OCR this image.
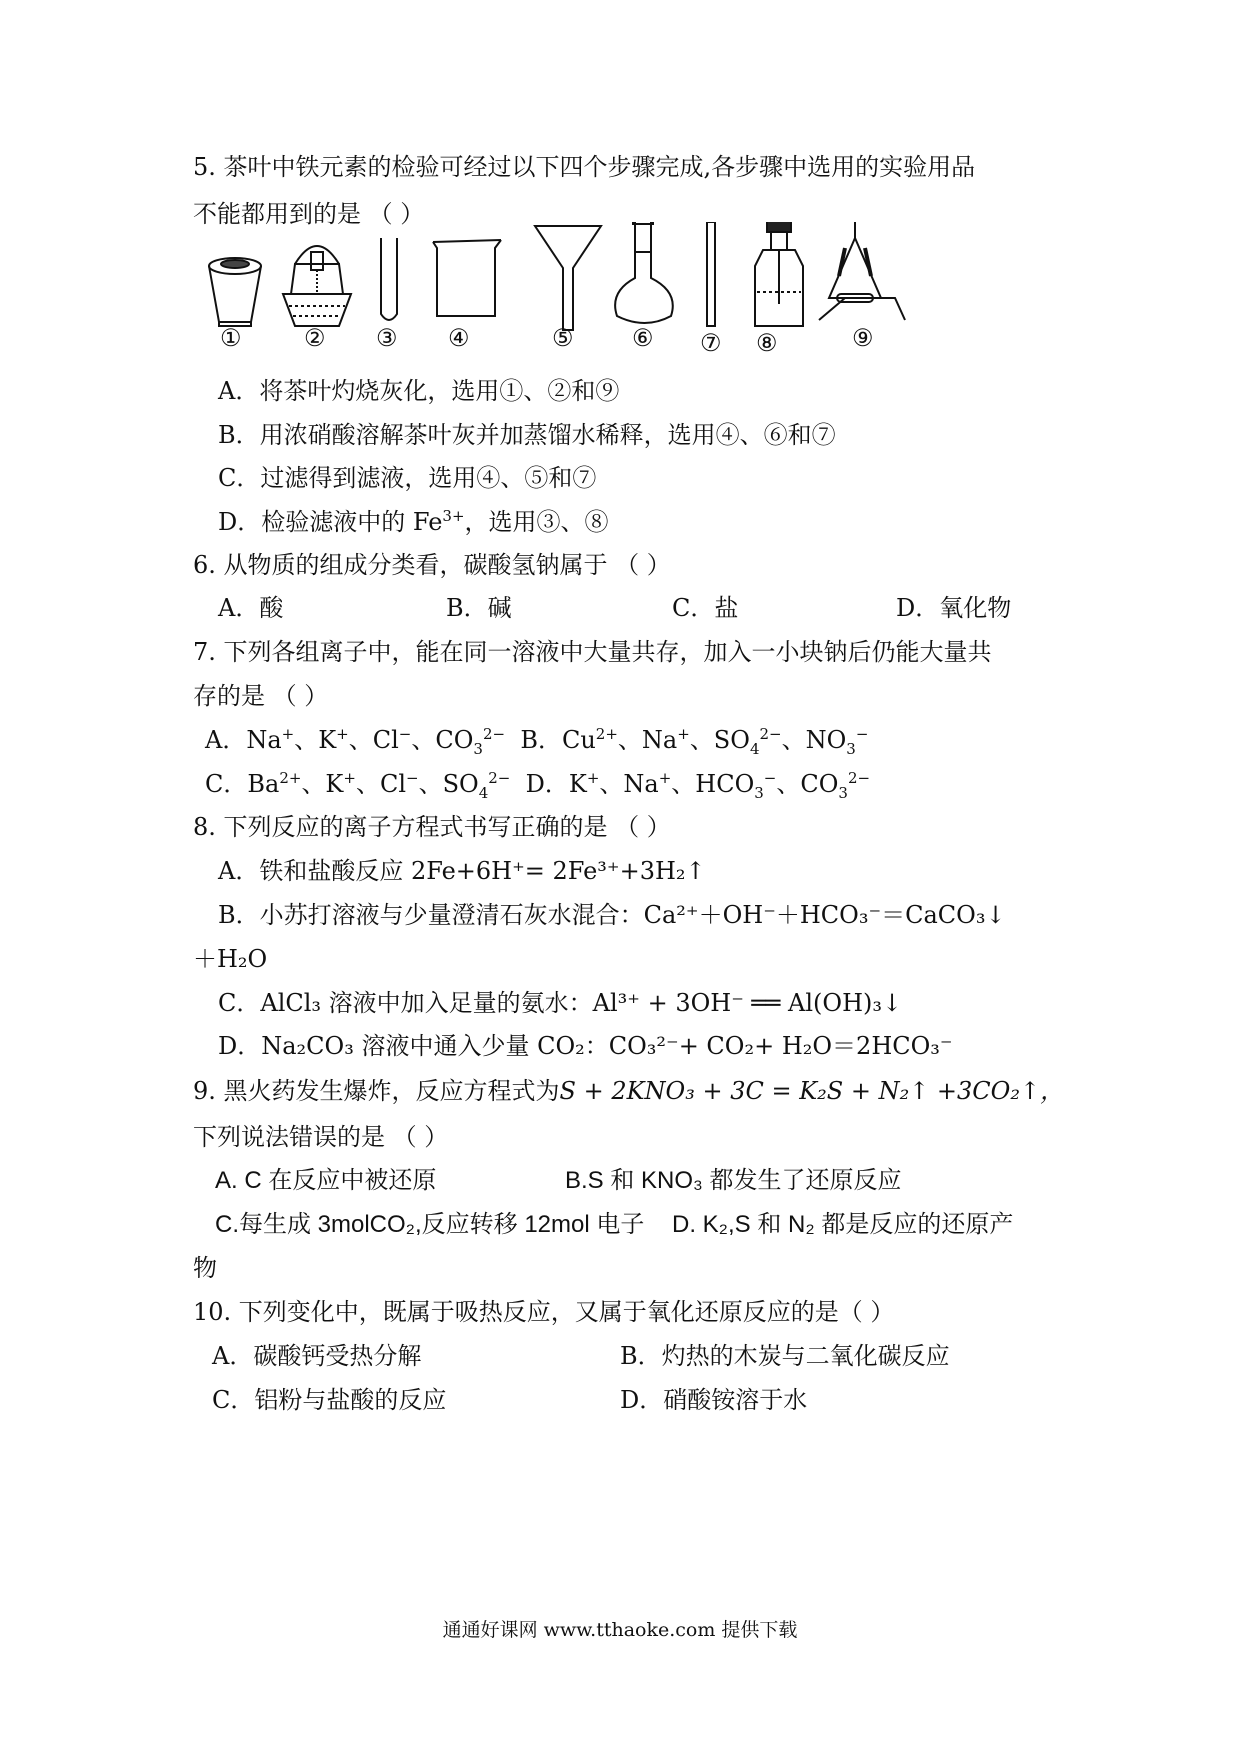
5. 茶叶中铁元素的检验可经过以下四个步骤完成,各步骤中选用的实验用品
不能都用到的是 （ ）
①	② ③ ④	⑤ ⑥ ⑦ ⑧	⑨
A．将茶叶灼烧灰化，选用①、②和⑨
B．用浓硝酸溶解茶叶灰并加蒸馏水稀释，选用④、⑥和⑦
C．过滤得到滤液，选用④、⑤和⑦
D．检验滤液中的 $Fe^{3+}$，选用③、⑧
6. 从物质的组成分类看，碳酸氢钠属于 （ ）
A．酸	B．碱	C．盐	D．氧化物
7. 下列各组离子中，能在同一溶液中大量共存，加入一小块钠后仍能大量共
存的是 （ ）
A．Na+、K+、Cl−、$CO_3^{2-}$  B．$Cu^{2+}$、Na+、$SO_4^{2-}$、$NO_3^-$
C．$Ba^{2+}$、K+、Cl−、$SO_4^{2-}$  D．K+、Na+、$HCO_3^-$、$CO_3^{2-}$
8. 下列反应的离子方程式书写正确的是 （ ）
A．铁和盐酸反应 2Fe+6H⁺= 2Fe³⁺+3H₂↑
B．小苏打溶液与少量澄清石灰水混合：Ca²⁺＋OH⁻＋HCO₃⁻＝CaCO₃↓
＋H₂O
C．AlCl₃ 溶液中加入足量的氨水：Al³⁺ + 3OH⁻ ══ Al(OH)₃↓
D．Na₂CO₃ 溶液中通入少量 CO₂：CO₃²⁻+ CO₂+ H₂O＝2HCO₃⁻
9. 黑火药发生爆炸，反应方程式为S + 2KNO₃ + 3C = K₂S + N₂↑ +3CO₂↑，
下列说法错误的是 （ ）
A. C 在反应中被还原	B.S 和 KNO₃ 都发生了还原反应
C.每生成 3molCO₂,反应转移 12mol 电子 D. K₂,S 和 N₂ 都是反应的还原产
物
10. 下列变化中，既属于吸热反应，又属于氧化还原反应的是（ ）
A．碳酸钙受热分解	B．灼热的木炭与二氧化碳反应
C．铝粉与盐酸的反应	D．硝酸铵溶于水
通通好课网 www.tthaoke.com 提供下载
